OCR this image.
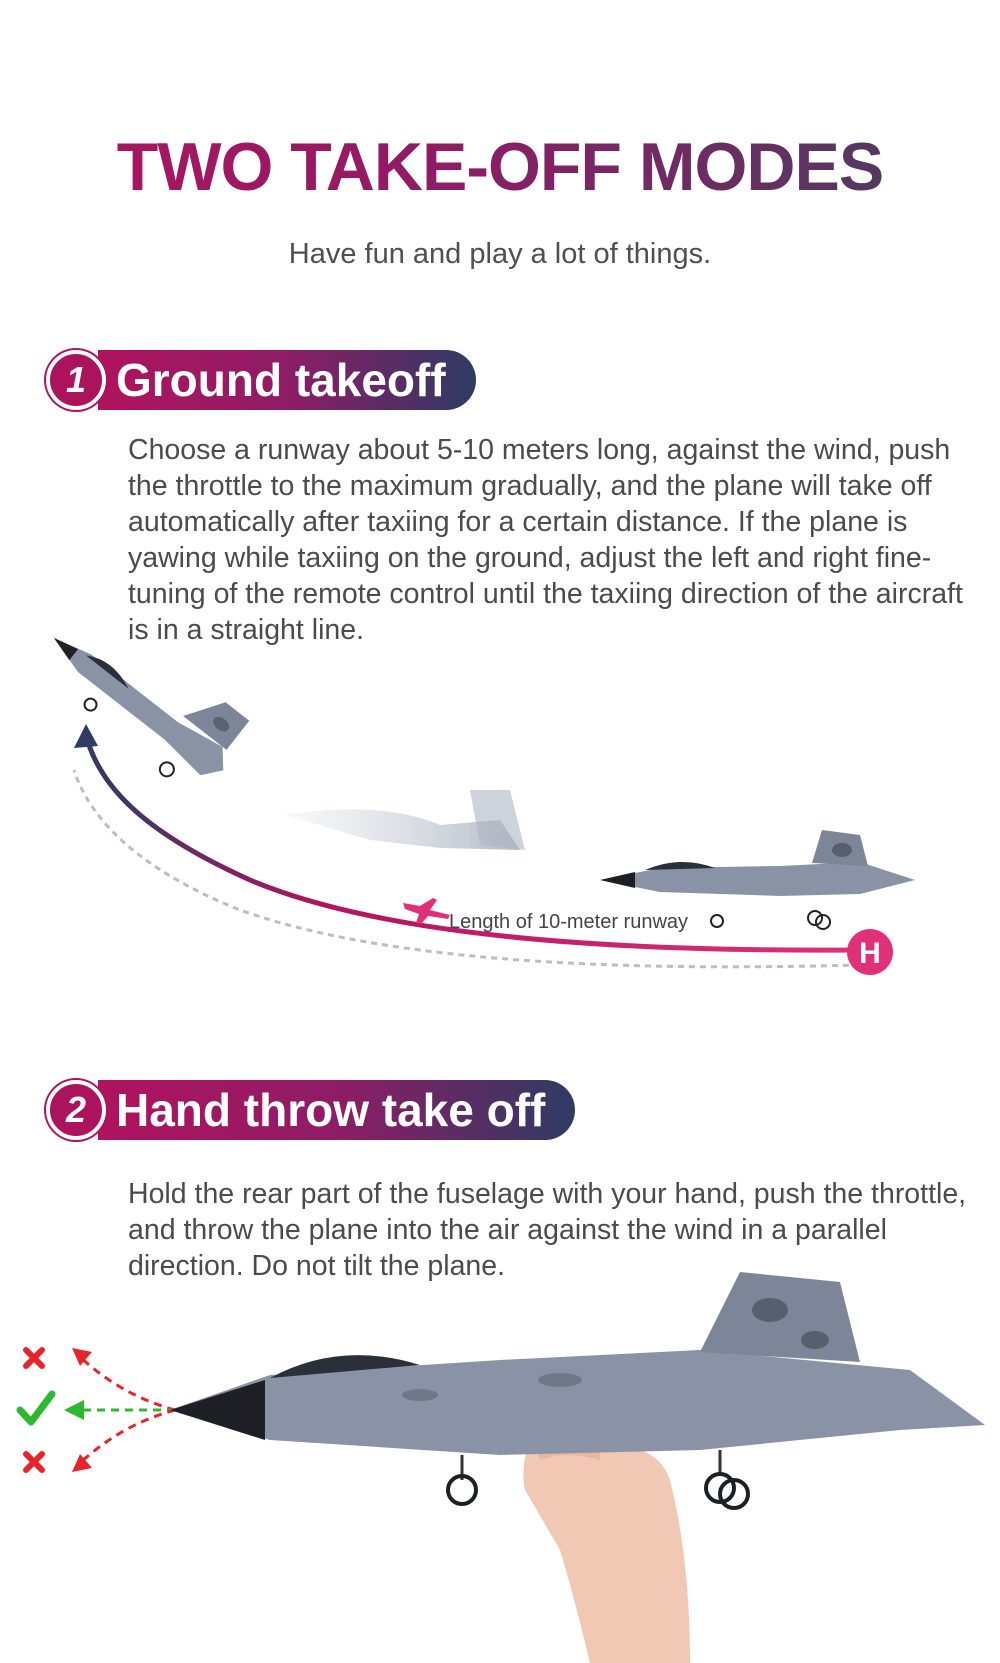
TWO TAKE-OFF MODES
Have fun and play a lot of things.
1 Ground takeoff
Choose a runway about 5-10 meters long, against the wind, push the throttle to the maximum gradually, and the plane will take off automatically after taxiing for a certain distance. If the plane is yawing while taxiing on the ground, adjust the left and right fine-tuning of the remote control until the taxiing direction of the aircraft is in a straight line.
H
Length of 10-meter runway
2 Hand throw take off
Hold the rear part of the fuselage with your hand, push the throttle, and throw the plane into the air against the wind in a parallel direction. Do not tilt the plane.
